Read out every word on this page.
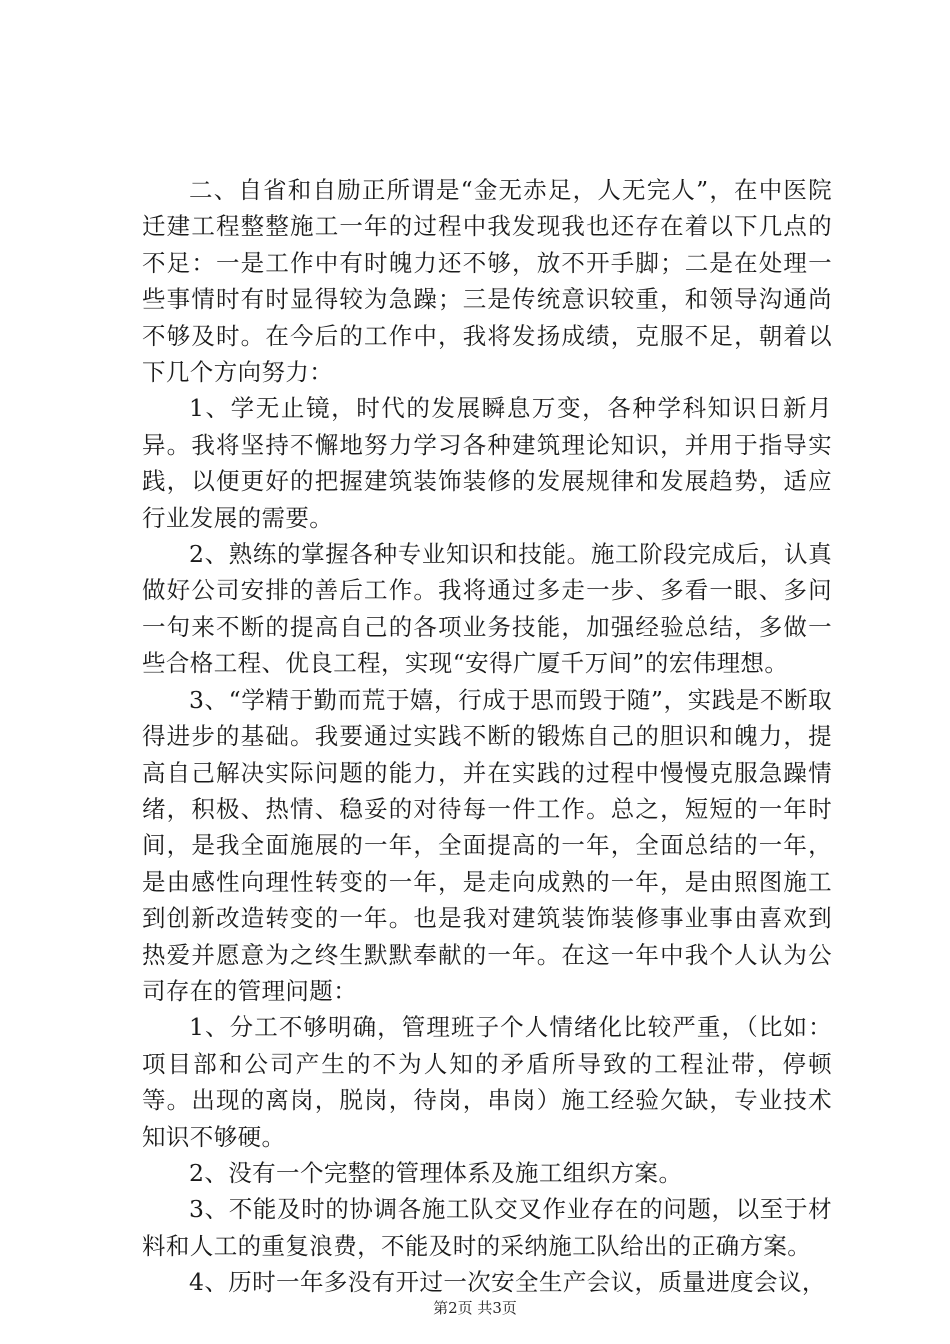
二、自省和自励正所谓是“金无赤足，人无完人”，在中医院迁建工程整整施工一年的过程中我发现我也还存在着以下几点的不足：一是工作中有时魄力还不够，放不开手脚；二是在处理一些事情时有时显得较为急躁；三是传统意识较重，和领导沟通尚不够及时。在今后的工作中，我将发扬成绩，克服不足，朝着以下几个方向努力：

1、学无止镜，时代的发展瞬息万变，各种学科知识日新月异。我将坚持不懈地努力学习各种建筑理论知识，并用于指导实践，以便更好的把握建筑装饰装修的发展规律和发展趋势，适应行业发展的需要。

2、熟练的掌握各种专业知识和技能。施工阶段完成后，认真做好公司安排的善后工作。我将通过多走一步、多看一眼、多问一句来不断的提高自己的各项业务技能，加强经验总结，多做一些合格工程、优良工程，实现“安得广厦千万间”的宏伟理想。

3、“学精于勤而荒于嬉，行成于思而毁于随”，实践是不断取得进步的基础。我要通过实践不断的锻炼自己的胆识和魄力，提高自己解决实际问题的能力，并在实践的过程中慢慢克服急躁情绪，积极、热情、稳妥的对待每一件工作。总之，短短的一年时间，是我全面施展的一年，全面提高的一年，全面总结的一年，是由感性向理性转变的一年，是走向成熟的一年，是由照图施工到创新改造转变的一年。也是我对建筑装饰装修事业事由喜欢到热爱并愿意为之终生默默奉献的一年。在这一年中我个人认为公司存在的管理问题：

1、分工不够明确，管理班子个人情绪化比较严重，（比如：项目部和公司产生的不为人知的矛盾所导致的工程沚带，停顿等。出现的离岗，脱岗，待岗，串岗）施工经验欠缺，专业技术知识不够硬。

2、没有一个完整的管理体系及施工组织方案。

3、不能及时的协调各施工队交叉作业存在的问题，以至于材料和人工的重复浪费，不能及时的采纳施工队给出的正确方案。

4、历时一年多没有开过一次安全生产会议，质量进度会议，

第2页 共3页
